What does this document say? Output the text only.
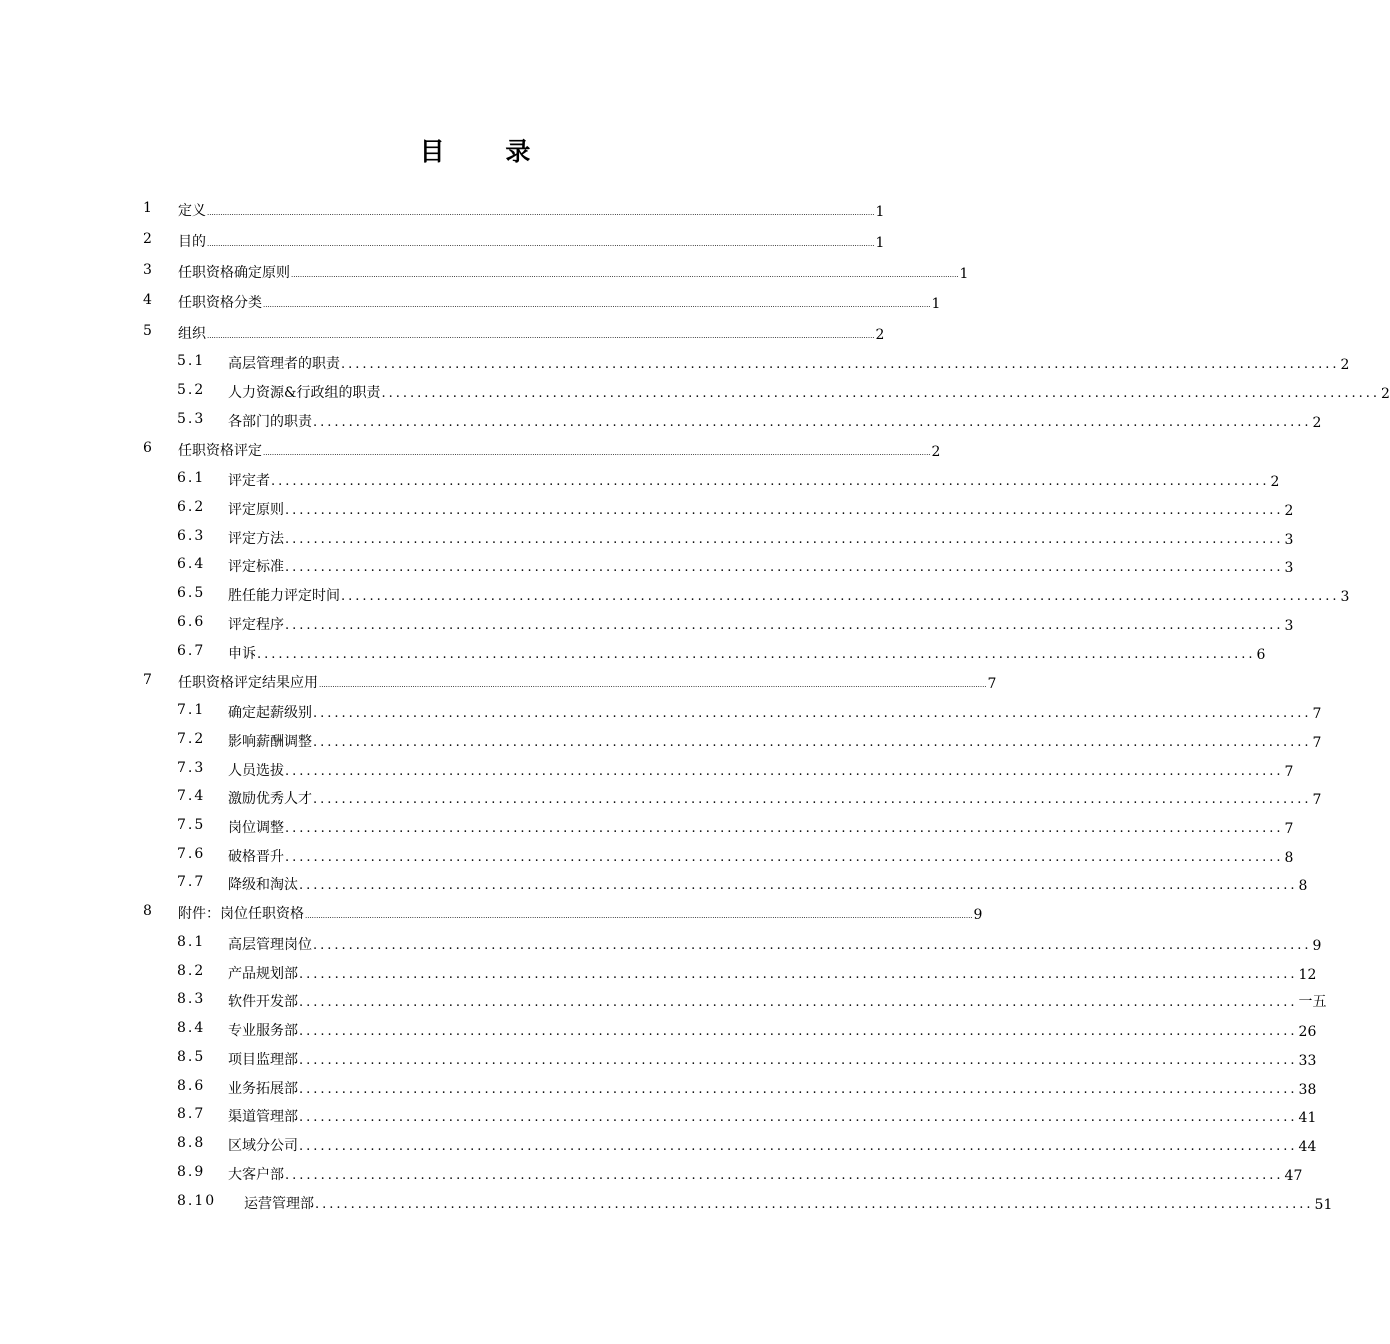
目 录
1 定义 ............................................................................................................................................................................................................................................................................................................ 1
2 目的 ............................................................................................................................................................................................................................................................................................................ 1
3 任职资格确定原则 ............................................................................................................................................................................................................................................................................................................ 1
4 任职资格分类 ............................................................................................................................................................................................................................................................................................................ 1
5 组织 ............................................................................................................................................................................................................................................................................................................ 2
5.1 高层管理者的职责 ............................................................................................................................................ 2
5.2 人力资源&行政组的职责 ............................................................................................................................................ 2
5.3 各部门的职责 ............................................................................................................................................ 2
6 任职资格评定 ............................................................................................................................................................................................................................................................................................................ 2
6.1 评定者 ............................................................................................................................................ 2
6.2 评定原则 ............................................................................................................................................ 2
6.3 评定方法 ............................................................................................................................................ 3
6.4 评定标准 ............................................................................................................................................ 3
6.5 胜任能力评定时间 ............................................................................................................................................ 3
6.6 评定程序 ............................................................................................................................................ 3
6.7 申诉 ............................................................................................................................................ 6
7 任职资格评定结果应用 ............................................................................................................................................................................................................................................................................................................ 7
7.1 确定起薪级别 ............................................................................................................................................ 7
7.2 影响薪酬调整 ............................................................................................................................................ 7
7.3 人员选拔 ............................................................................................................................................ 7
7.4 激励优秀人才 ............................................................................................................................................ 7
7.5 岗位调整 ............................................................................................................................................ 7
7.6 破格晋升 ............................................................................................................................................ 8
7.7 降级和淘汰 ............................................................................................................................................ 8
8 附件：岗位任职资格 ............................................................................................................................................................................................................................................................................................................ 9
8.1 高层管理岗位 ............................................................................................................................................ 9
8.2 产品规划部 ............................................................................................................................................ 12
8.3 软件开发部 ............................................................................................................................................ 一五
8.4 专业服务部 ............................................................................................................................................ 26
8.5 项目监理部 ............................................................................................................................................ 33
8.6 业务拓展部 ............................................................................................................................................ 38
8.7 渠道管理部 ............................................................................................................................................ 41
8.8 区域分公司 ............................................................................................................................................ 44
8.9 大客户部 ............................................................................................................................................ 47
8.10 运营管理部 ............................................................................................................................................ 51
